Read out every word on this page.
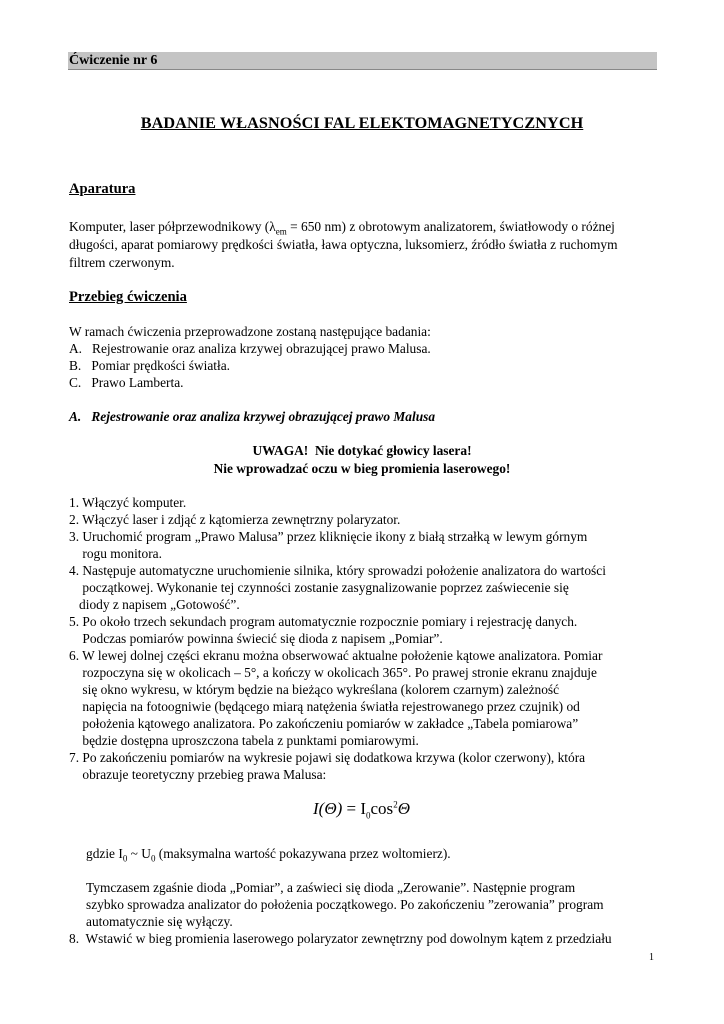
Ćwiczenie nr 6
BADANIE WŁASNOŚCI FAL ELEKTOMAGNETYCZNYCH
Aparatura
Komputer, laser półprzewodnikowy ($\lambda_{em} = 650$ nm) z obrotowym analizatorem, światłowody o różnej
długości, aparat pomiarowy prędkości światła, ława optyczna, luksomierz, źródło światła z ruchomym
filtrem czerwonym.
Przebieg ćwiczenia
W ramach ćwiczenia przeprowadzone zostaną następujące badania:
A.   Rejestrowanie oraz analiza krzywej obrazującej prawo Malusa.
B.   Pomiar prędkości światła.
C.   Prawo Lamberta.
A.   Rejestrowanie oraz analiza krzywej obrazującej prawo Malusa
UWAGA!  Nie dotykać głowicy lasera!
Nie wprowadzać oczu w bieg promienia laserowego!
1. Włączyć komputer.
2. Włączyć laser i zdjąć z kątomierza zewnętrzny polaryzator.
3. Uruchomić program „Prawo Malusa” przez kliknięcie ikony z białą strzałką w lewym górnym
rogu monitora.
4. Następuje automatyczne uruchomienie silnika, który sprowadzi położenie analizatora do wartości
początkowej. Wykonanie tej czynności zostanie zasygnalizowanie poprzez zaświecenie się
diody z napisem „Gotowość”.
5. Po około trzech sekundach program automatycznie rozpocznie pomiary i rejestrację danych.
Podczas pomiarów powinna świecić się dioda z napisem „Pomiar”.
6. W lewej dolnej części ekranu można obserwować aktualne położenie kątowe analizatora. Pomiar
rozpoczyna się w okolicach – 5°, a kończy w okolicach 365°. Po prawej stronie ekranu znajduje
się okno wykresu, w którym będzie na bieżąco wykreślana (kolorem czarnym) zależność
napięcia na fotoogniwie (będącego miarą natężenia światła rejestrowanego przez czujnik) od
położenia kątowego analizatora. Po zakończeniu pomiarów w zakładce „Tabela pomiarowa”
będzie dostępna uproszczona tabela z punktami pomiarowymi.
7. Po zakończeniu pomiarów na wykresie pojawi się dodatkowa krzywa (kolor czerwony), która
obrazuje teoretyczny przebieg prawa Malusa:
$I(\Theta) = I_0\cos^2\Theta$
gdzie $I_0$ ~ $U_0$ (maksymalna wartość pokazywana przez woltomierz).
Tymczasem zgaśnie dioda „Pomiar”, a zaświeci się dioda „Zerowanie”. Następnie program
szybko sprowadza analizator do położenia początkowego. Po zakończeniu ”zerowania” program
automatycznie się wyłączy.
8.  Wstawić w bieg promienia laserowego polaryzator zewnętrzny pod dowolnym kątem z przedziału
1
